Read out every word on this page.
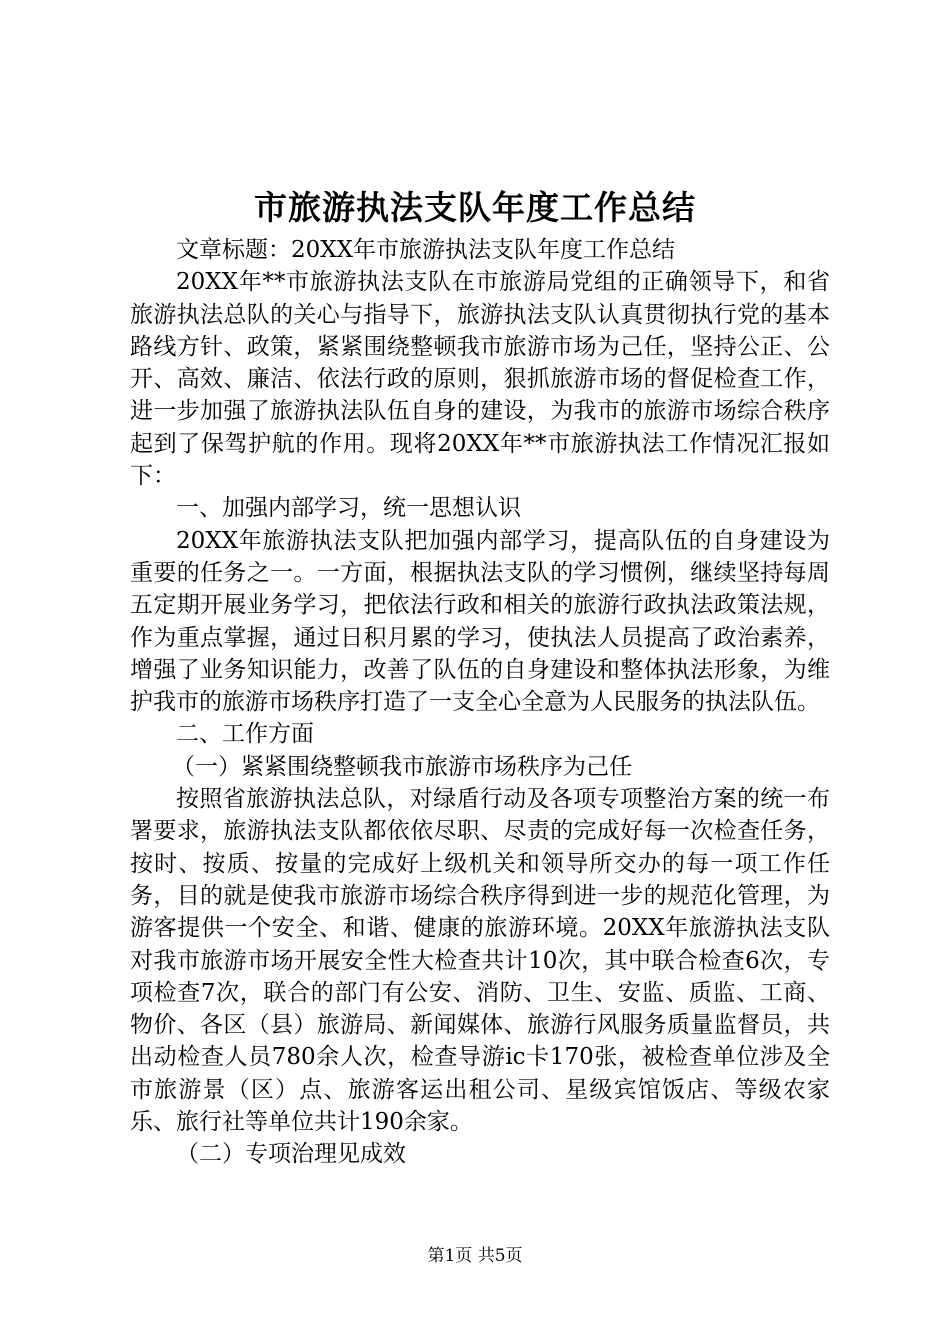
市旅游执法支队年度工作总结

文章标题：20XX年市旅游执法支队年度工作总结

20XX年**市旅游执法支队在市旅游局党组的正确领导下，和省旅游执法总队的关心与指导下，旅游执法支队认真贯彻执行党的基本路线方针、政策，紧紧围绕整顿我市旅游市场为己任，坚持公正、公开、高效、廉洁、依法行政的原则，狠抓旅游市场的督促检查工作，进一步加强了旅游执法队伍自身的建设，为我市的旅游市场综合秩序起到了保驾护航的作用。现将20XX年**市旅游执法工作情况汇报如下：

一、加强内部学习，统一思想认识

20XX年旅游执法支队把加强内部学习，提高队伍的自身建设为重要的任务之一。一方面，根据执法支队的学习惯例，继续坚持每周五定期开展业务学习，把依法行政和相关的旅游行政执法政策法规，作为重点掌握，通过日积月累的学习，使执法人员提高了政治素养，增强了业务知识能力，改善了队伍的自身建设和整体执法形象，为维护我市的旅游市场秩序打造了一支全心全意为人民服务的执法队伍。

二、工作方面

（一）紧紧围绕整顿我市旅游市场秩序为己任

按照省旅游执法总队，对绿盾行动及各项专项整治方案的统一布署要求，旅游执法支队都依依尽职、尽责的完成好每一次检查任务，按时、按质、按量的完成好上级机关和领导所交办的每一项工作任务，目的就是使我市旅游市场综合秩序得到进一步的规范化管理，为游客提供一个安全、和谐、健康的旅游环境。20XX年旅游执法支队对我市旅游市场开展安全性大检查共计10次，其中联合检查6次，专项检查7次，联合的部门有公安、消防、卫生、安监、质监、工商、物价、各区（县）旅游局、新闻媒体、旅游行风服务质量监督员，共出动检查人员780余人次，检查导游ic卡170张，被检查单位涉及全市旅游景（区）点、旅游客运出租公司、星级宾馆饭店、等级农家乐、旅行社等单位共计190余家。

（二）专项治理见成效

第1页 共5页
